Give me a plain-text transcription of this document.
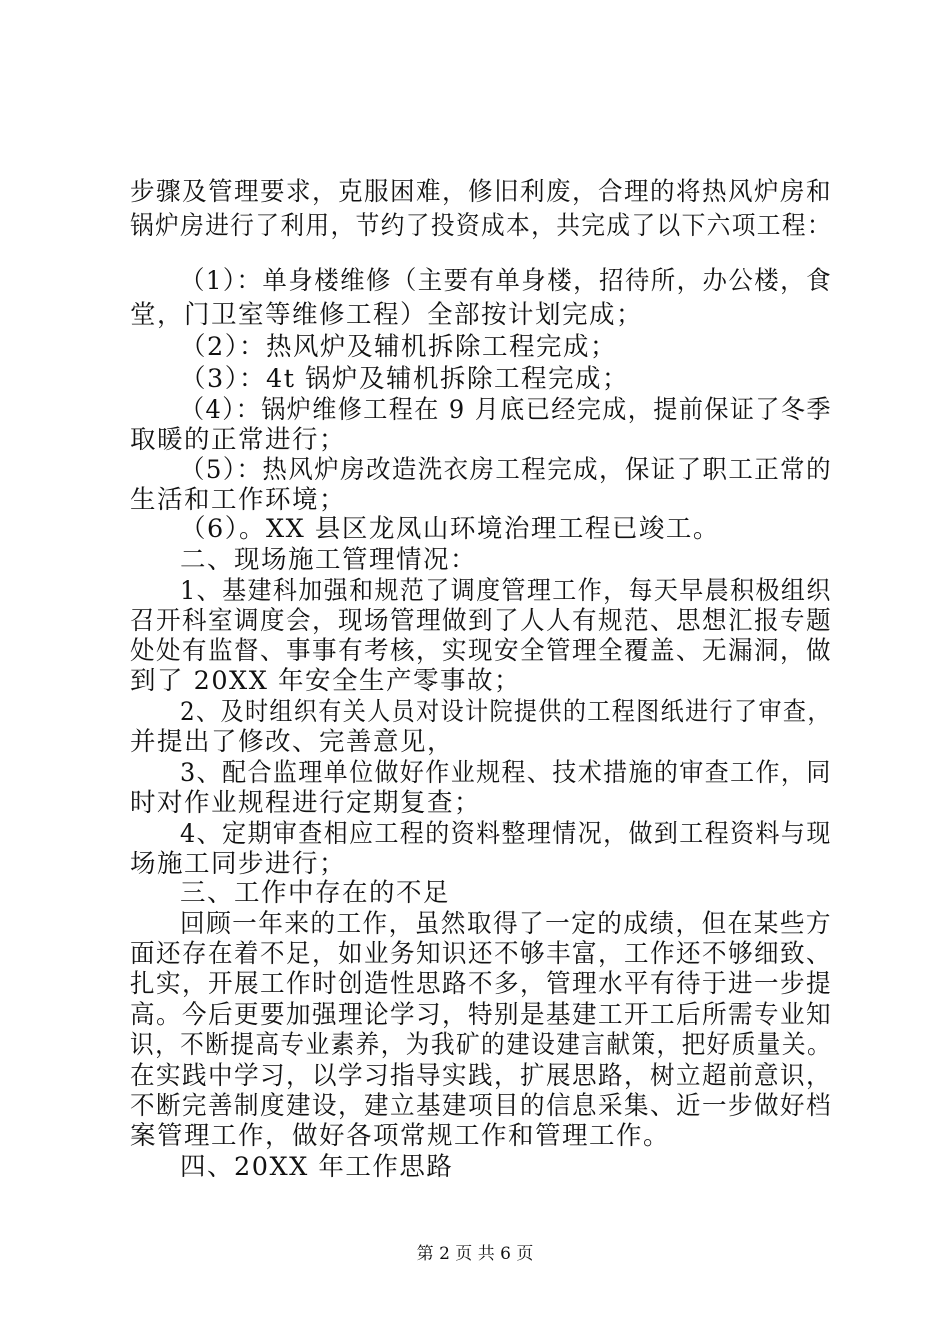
步骤及管理要求，克服困难，修旧利废，合理的将热风炉房和
锅炉房进行了利用，节约了投资成本，共完成了以下六项工程：
（1）：单身楼维修（主要有单身楼，招待所，办公楼，食
堂，门卫室等维修工程）全部按计划完成；
（2）：热风炉及辅机拆除工程完成；
（3）：4t 锅炉及辅机拆除工程完成；
（4）：锅炉维修工程在 9 月底已经完成，提前保证了冬季
取暖的正常进行；
（5）：热风炉房改造洗衣房工程完成，保证了职工正常的
生活和工作环境；
（6）。XX 县区龙凤山环境治理工程已竣工。
二、现场施工管理情况：
1、基建科加强和规范了调度管理工作，每天早晨积极组织
召开科室调度会，现场管理做到了人人有规范、思想汇报专题
处处有监督、事事有考核，实现安全管理全覆盖、无漏洞，做
到了 20XX 年安全生产零事故；
2、及时组织有关人员对设计院提供的工程图纸进行了审查，
并提出了修改、完善意见，
3、配合监理单位做好作业规程、技术措施的审查工作，同
时对作业规程进行定期复查；
4、定期审查相应工程的资料整理情况，做到工程资料与现
场施工同步进行；
三、工作中存在的不足
回顾一年来的工作，虽然取得了一定的成绩，但在某些方
面还存在着不足，如业务知识还不够丰富，工作还不够细致、
扎实，开展工作时创造性思路不多，管理水平有待于进一步提
高。今后更要加强理论学习，特别是基建工开工后所需专业知
识，不断提高专业素养，为我矿的建设建言献策，把好质量关。
在实践中学习，以学习指导实践，扩展思路，树立超前意识，
不断完善制度建设，建立基建项目的信息采集、近一步做好档
案管理工作，做好各项常规工作和管理工作。
四、20XX 年工作思路
第 2 页 共 6 页
